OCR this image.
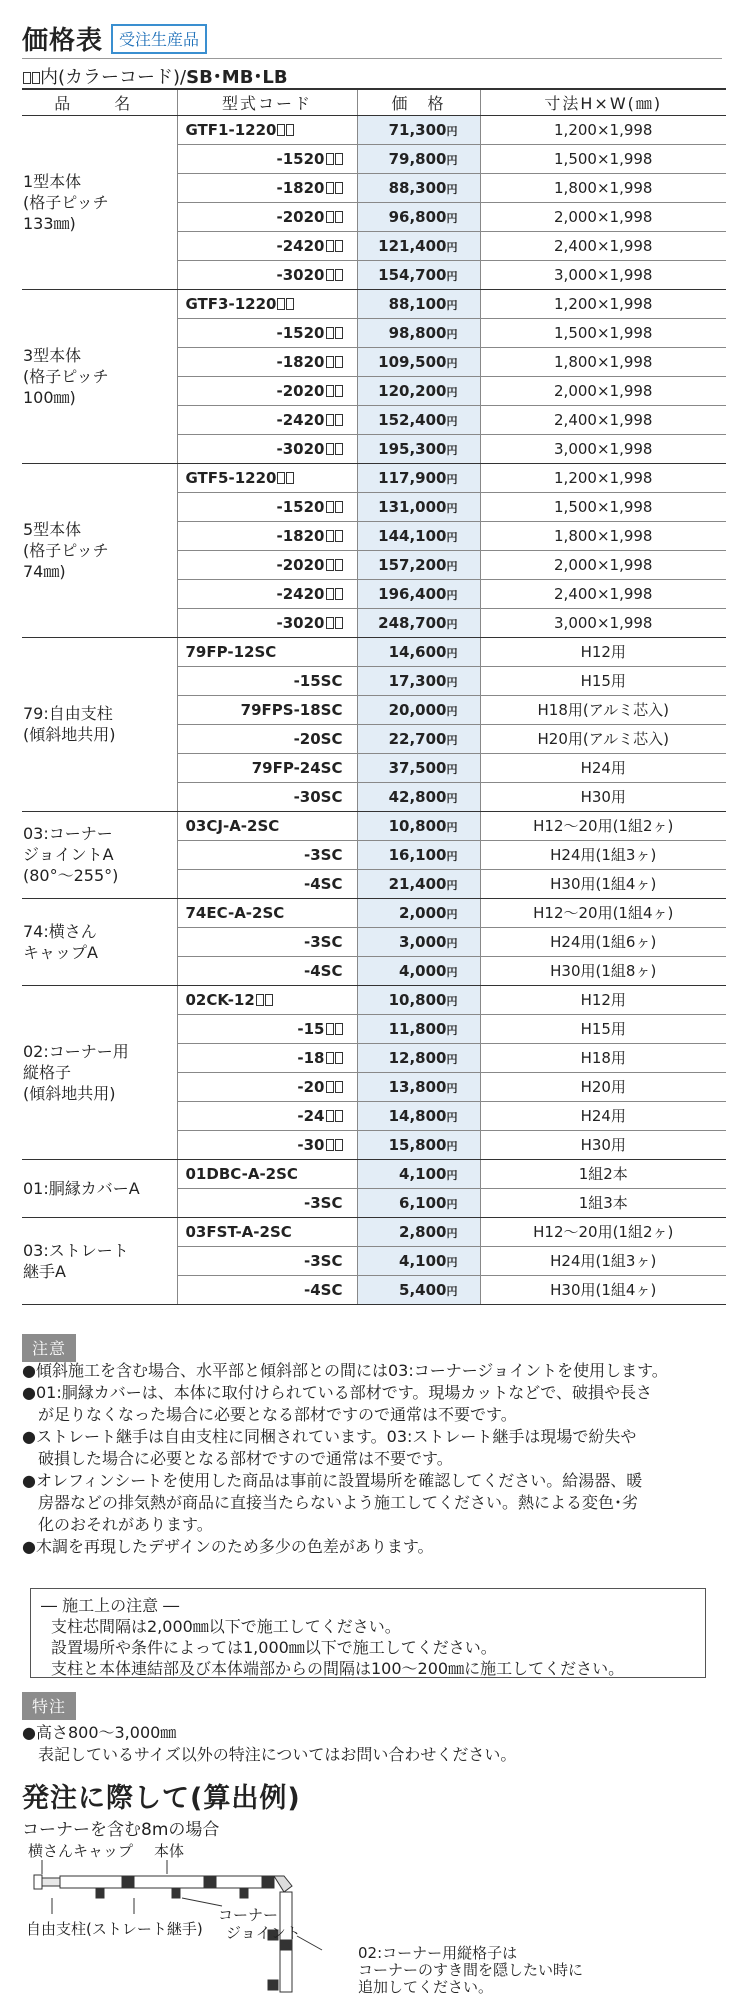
価格表	受注生産品
内(カラーコード)/SB･MB･LB
品　名	型式コード	価　格	寸法H×W(㎜)

1型本体
(格子ピッチ
133㎜)	GTF1-1220	71,300円	1,200×1,998
	-1520	79,800円	1,500×1,998
	-1820	88,300円	1,800×1,998
	-2020	96,800円	2,000×1,998
	-2420	121,400円	2,400×1,998
	-3020	154,700円	3,000×1,998

3型本体
(格子ピッチ
100㎜)	GTF3-1220	88,100円	1,200×1,998
	-1520	98,800円	1,500×1,998
	-1820	109,500円	1,800×1,998
	-2020	120,200円	2,000×1,998
	-2420	152,400円	2,400×1,998
	-3020	195,300円	3,000×1,998

5型本体
(格子ピッチ
74㎜)	GTF5-1220	117,900円	1,200×1,998
	-1520	131,000円	1,500×1,998
	-1820	144,100円	1,800×1,998
	-2020	157,200円	2,000×1,998
	-2420	196,400円	2,400×1,998
	-3020	248,700円	3,000×1,998

79:自由支柱
(傾斜地共用)	79FP-12SC	14,600円	H12用
	-15SC	17,300円	H15用
	79FPS-18SC	20,000円	H18用(アルミ芯入)
	-20SC	22,700円	H20用(アルミ芯入)
	79FP-24SC	37,500円	H24用
	-30SC	42,800円	H30用

03:コーナー
ジョイントA
(80°〜255°)	03CJ-A-2SC	10,800円	H12〜20用(1組2ヶ)
	-3SC	16,100円	H24用(1組3ヶ)
	-4SC	21,400円	H30用(1組4ヶ)

74:横さん
キャップA	74EC-A-2SC	2,000円	H12〜20用(1組4ヶ)
	-3SC	3,000円	H24用(1組6ヶ)
	-4SC	4,000円	H30用(1組8ヶ)

02:コーナー用
縦格子
(傾斜地共用)	02CK-12	10,800円	H12用
	-15	11,800円	H15用
	-18	12,800円	H18用
	-20	13,800円	H20用
	-24	14,800円	H24用
	-30	15,800円	H30用

01:胴縁カバーA	01DBC-A-2SC	4,100円	1組2本
	-3SC	6,100円	1組3本

03:ストレート
継手A	03FST-A-2SC	2,800円	H12〜20用(1組2ヶ)
	-3SC	4,100円	H24用(1組3ヶ)
	-4SC	5,400円	H30用(1組4ヶ)
注意

●傾斜施工を含む場合、水平部と傾斜部との間には03:コーナージョイントを使用します。

●01:胴縁カバーは、本体に取付けられている部材です。現場カットなどで、破損や長さ

が足りなくなった場合に必要となる部材ですので通常は不要です。

●ストレート継手は自由支柱に同梱されています。03:ストレート継手は現場で紛失や

破損した場合に必要となる部材ですので通常は不要です。

●オレフィンシートを使用した商品は事前に設置場所を確認してください。給湯器、暖

房器などの排気熱が商品に直接当たらないよう施工してください。熱による変色･劣

化のおそれがあります。

●木調を再現したデザインのため多少の色差があります。

― 施工上の注意 ―
支柱芯間隔は2,000㎜以下で施工してください。
設置場所や条件によっては1,000㎜以下で施工してください。
支柱と本体連結部及び本体端部からの間隔は100〜200㎜に施工してください。
特注
●高さ800〜3,000㎜
表記しているサイズ以外の特注についてはお問い合わせください。
発注に際して(算出例)
コーナーを含む8mの場合
横さんキャップ 本体
自由支柱(ストレート継手)
コーナー
ジョイント
02:コーナー用縦格子は
コーナーのすき間を隠したい時に
追加してください。
